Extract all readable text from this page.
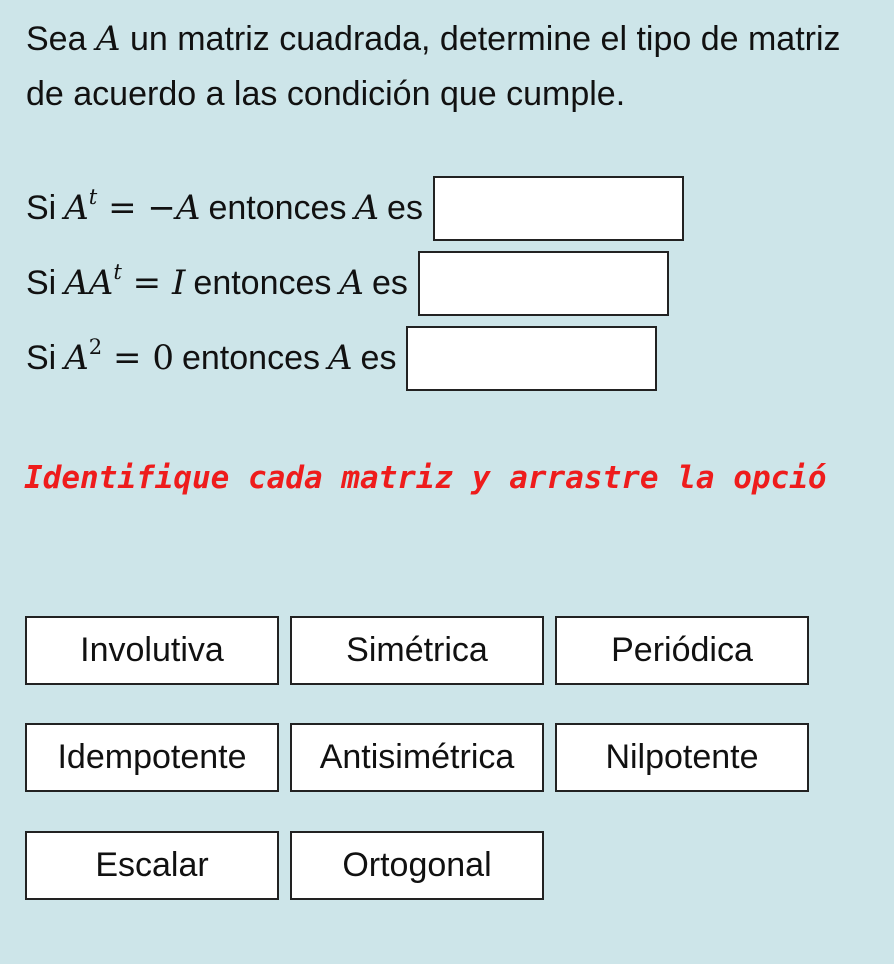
Sea A un matriz cuadrada, determine el tipo de matriz de acuerdo a las condición que cumple.

Si $A^t = -A$ entonces A es
Si $AA^t = I$ entonces A es
Si $A^2 = 0$ entonces A es
Identifique cada matriz y arrastre la opció
Involutiva	Simétrica	Periódica
Idempotente	Antisimétrica	Nilpotente
Escalar	Ortogonal
